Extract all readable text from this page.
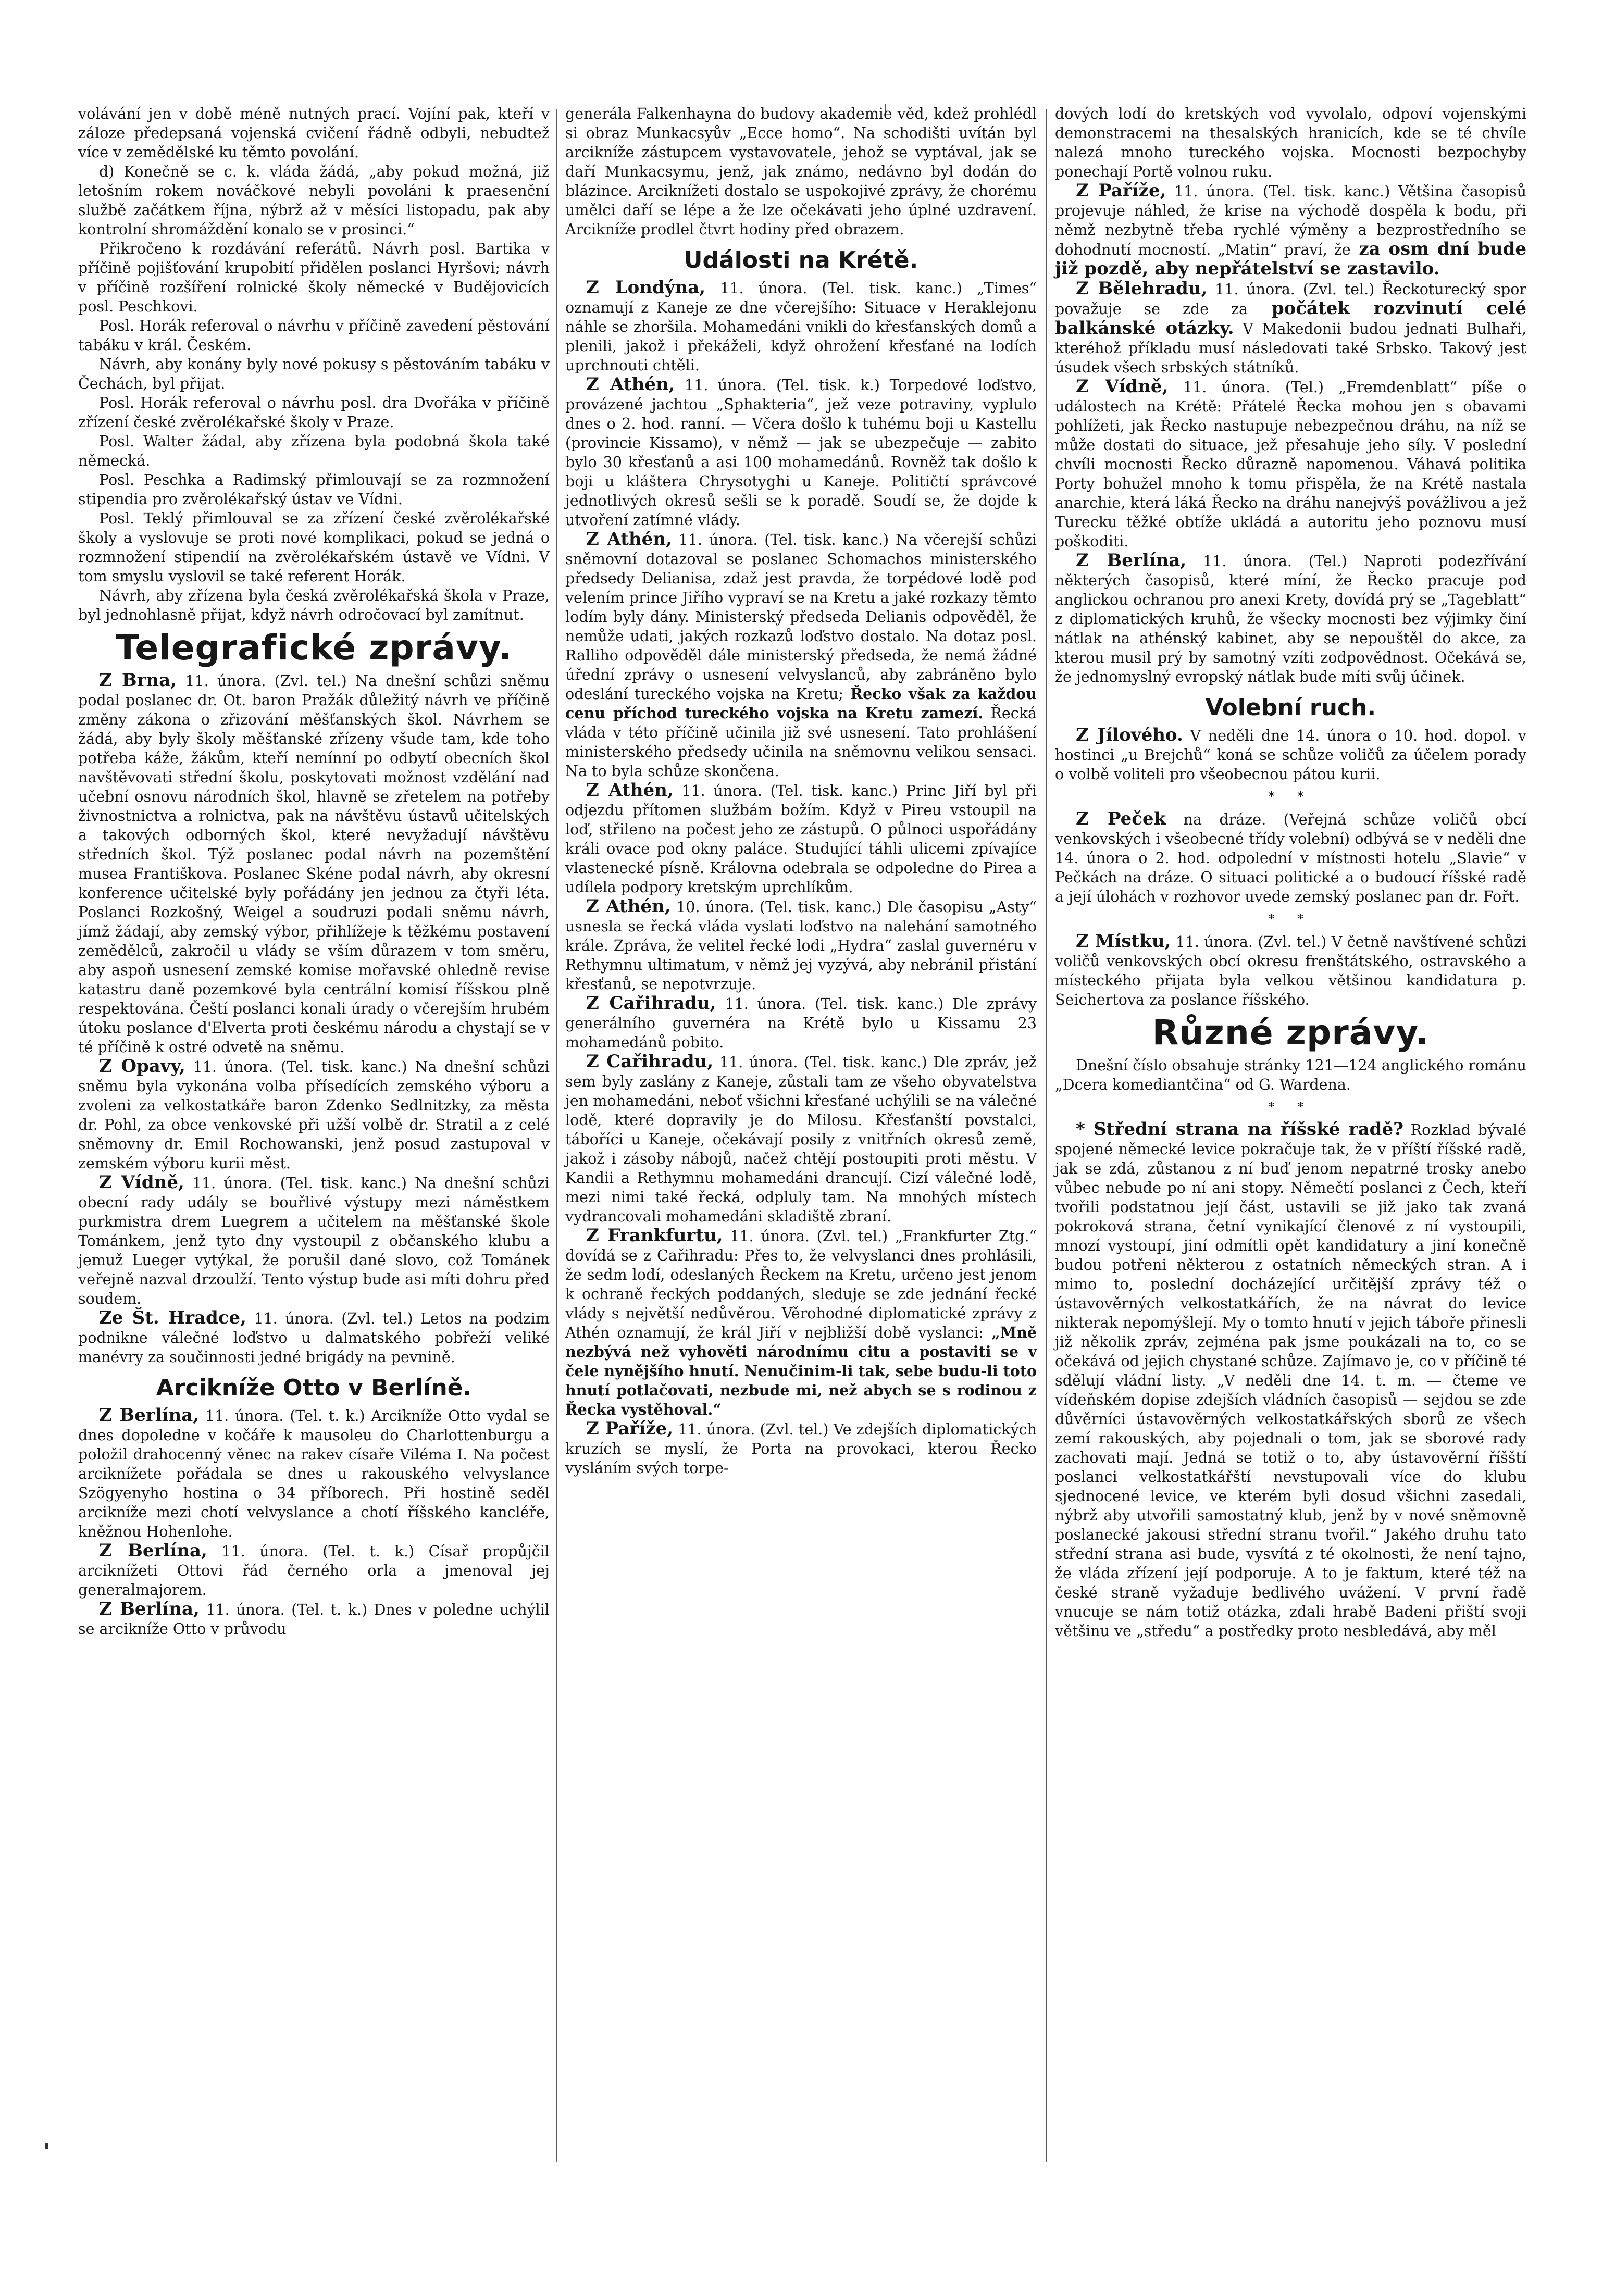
volávání jen v době méně nutných prací. Vojíní pak, kteří v záloze předepsaná vojenská cvičení řádně odbyli, nebudtež více v zemědělské ku těmto povolání.

d) Konečně se c. k. vláda žádá, „aby pokud možná, již letošním rokem nováčkové nebyli povoláni k praesenční službě začátkem října, nýbrž až v měsíci listopadu, pak aby kontrolní shromáždění konalo se v prosinci.“

Přikročeno k rozdávání referátů. Návrh posl. Bartika v příčině pojišťování krupobití přidělen poslanci Hyršovi; návrh v příčině rozšíření rolnické školy německé v Budějovicích posl. Peschkovi.

Posl. Horák referoval o návrhu v příčině zavedení pěstování tabáku v král. Českém.

Návrh, aby konány byly nové pokusy s pěstováním tabáku v Čechách, byl přijat.

Posl. Horák referoval o návrhu posl. dra Dvořáka v příčině zřízení české zvěrolékařské školy v Praze.

Posl. Walter žádal, aby zřízena byla podobná škola také německá.

Posl. Peschka a Radimský přimlouvají se za rozmnožení stipendia pro zvěrolékařský ústav ve Vídni.

Posl. Teklý přimlouval se za zřízení české zvěrolékařské školy a vyslovuje se proti nové komplikaci, pokud se jedná o rozmnožení stipendií na zvěrolékařském ústavě ve Vídni. V tom smyslu vyslovil se také referent Horák.

Návrh, aby zřízena byla česká zvěrolékařská škola v Praze, byl jednohlasně přijat, když návrh odročovací byl zamítnut.

Telegrafické zprávy.

Z Brna, 11. února. (Zvl. tel.) Na dnešní schůzi sněmu podal poslanec dr. Ot. baron Pražák důležitý návrh ve příčině změny zákona o zřizování měšťanských škol. Návrhem se žádá, aby byly školy měšťanské zřízeny všude tam, kde toho potřeba káže, žákům, kteří nemínní po odbytí obecních škol navštěvovati střední školu, poskytovati možnost vzdělání nad učební osnovu národních škol, hlavně se zřetelem na potřeby živnostnictva a rolnictva, pak na návštěvu ústavů učitelských a takových odborných škol, které nevyžadují návštěvu středních škol. Týž poslanec podal návrh na pozemštění musea Františkova. Poslanec Skéne podal návrh, aby okresní konference učitelské byly pořádány jen jednou za čtyři léta. Poslanci Rozkošný, Weigel a soudruzi podali sněmu návrh, jímž žádají, aby zemský výbor, přihlížeje k těžkému postavení zemědělců, zakročil u vlády se vším důrazem v tom směru, aby aspoň usnesení zemské komise mořavské ohledně revise katastru daně pozemkové byla centrální komisí říšskou plně respektována. Čeští poslanci konali úrady o včerejším hrubém útoku poslance d'Elverta proti českému národu a chystají se v té příčině k ostré odvetě na sněmu.

Z Opavy, 11. února. (Tel. tisk. kanc.) Na dnešní schůzi sněmu byla vykonána volba přísedících zemského výboru a zvoleni za velkostatkáře baron Zdenko Sedlnitzky, za města dr. Pohl, za obce venkovské při užší volbě dr. Stratil a z celé sněmovny dr. Emil Rochowanski, jenž posud zastupoval v zemském výboru kurii měst.

Z Vídně, 11. února. (Tel. tisk. kanc.) Na dnešní schůzi obecní rady udály se bouřlivé výstupy mezi náměstkem purkmistra drem Luegrem a učitelem na měšťanské škole Tománkem, jenž tyto dny vystoupil z občanského klubu a jemuž Lueger vytýkal, že porušil dané slovo, což Tománek veřejně nazval drzoulží. Tento výstup bude asi míti dohru před soudem.

Ze Št. Hradce, 11. února. (Zvl. tel.) Letos na podzim podnikne válečné loďstvo u dalmatského pobřeží veliké manévry za součinnosti jedné brigády na pevnině.

Arcikníže Otto v Berlíně.

Z Berlína, 11. února. (Tel. t. k.) Arcikníže Otto vydal se dnes dopoledne v kočáře k mausoleu do Charlottenburgu a položil drahocenný věnec na rakev císaře Viléma I. Na počest arciknížete pořádala se dnes u rakouského velvyslance Szögyenyho hostina o 34 příborech. Při hostině seděl arcikníže mezi chotí velvyslance a chotí říšského kancléře, kněžnou Hohenlohe.

Z Berlína, 11. února. (Tel. t. k.) Císař propůjčil arciknížeti Ottovi řád černého orla a jmenoval jej generalmajorem.

Z Berlína, 11. února. (Tel. t. k.) Dnes v poledne uchýlil se arcikníže Otto v průvodu

generála Falkenhayna do budovy akademie věd, kdež prohlédl si obraz Munkacsyův „Ecce homo“. Na schodišti uvítán byl arcikníže zástupcem vystavovatele, jehož se vyptával, jak se daří Munkacsymu, jenž, jak známo, nedávno byl dodán do blázince. Arciknížeti dostalo se uspokojivé zprávy, že chorému umělci daří se lépe a že lze očekávati jeho úplné uzdravení. Arcikníže prodlel čtvrt hodiny před obrazem.

Události na Krétě.

Z Londýna, 11. února. (Tel. tisk. kanc.) „Times“ oznamují z Kaneje ze dne včerejšího: Situace v Heraklejonu náhle se zhoršila. Mohamedáni vnikli do křesťanských domů a plenili, jakož i překáželi, když ohrožení křesťané na lodích uprchnouti chtěli.

Z Athén, 11. února. (Tel. tisk. k.) Torpedové loďstvo, provázené jachtou „Sphakteria“, jež veze potraviny, vyplulo dnes o 2. hod. ranní. — Včera došlo k tuhému boji u Kastellu (provincie Kissamo), v němž — jak se ubezpečuje — zabito bylo 30 křesťanů a asi 100 mohamedánů. Rovněž tak došlo k boji u kláštera Chrysotyghi u Kaneje. Političtí správcové jednotlivých okresů sešli se k poradě. Soudí se, že dojde k utvoření zatímné vlády.

Z Athén, 11. února. (Tel. tisk. kanc.) Na včerejší schůzi sněmovní dotazoval se poslanec Schomachos ministerského předsedy Delianisa, zdaž jest pravda, že torpédové lodě pod velením prince Jiřího vypraví se na Kretu a jaké rozkazy těmto lodím byly dány. Ministerský předseda Delianis odpověděl, že nemůže udati, jakých rozkazů loďstvo dostalo. Na dotaz posl. Ralliho odpověděl dále ministerský předseda, že nemá žádné úřední zprávy o usnesení velvyslanců, aby zabráněno bylo odeslání tureckého vojska na Kretu; Řecko však za každou cenu příchod tureckého vojska na Kretu zamezí. Řecká vláda v této příčině učinila již své usnesení. Tato prohlášení ministerského předsedy učinila na sněmovnu velikou sensaci. Na to byla schůze skončena.

Z Athén, 11. února. (Tel. tisk. kanc.) Princ Jiří byl při odjezdu přítomen službám božím. Když v Pireu vstoupil na loď, střileno na počest jeho ze zástupů. O půlnoci uspořádány králi ovace pod okny paláce. Studující táhli ulicemi zpívajíce vlastenecké písně. Královna odebrala se odpoledne do Pirea a udílela podpory kretským uprchlíkům.

Z Athén, 10. února. (Tel. tisk. kanc.) Dle časopisu „Asty“ usnesla se řecká vláda vyslati loďstvo na nalehání samotného krále. Zpráva, že velitel řecké lodi „Hydra“ zaslal guvernéru v Rethymnu ultimatum, v němž jej vyzývá, aby nebránil přistání křesťanů, se nepotvrzuje.

Z Cařihradu, 11. února. (Tel. tisk. kanc.) Dle zprávy generálního guvernéra na Krétě bylo u Kissamu 23 mohamedánů pobito.

Z Cařihradu, 11. února. (Tel. tisk. kanc.) Dle zpráv, jež sem byly zaslány z Kaneje, zůstali tam ze všeho obyvatelstva jen mohamedáni, neboť všichni křesťané uchýlili se na válečné lodě, které dopravily je do Milosu. Křesťanští povstalci, táboříci u Kaneje, očekávají posily z vnitřních okresů země, jakož i zásoby nábojů, načež chtějí postoupiti proti městu. V Kandii a Rethymnu mohamedáni drancují. Cizí válečné lodě, mezi nimi také řecká, odpluly tam. Na mnohých místech vydrancovali mohamedáni skladiště zbraní.

Z Frankfurtu, 11. února. (Zvl. tel.) „Frankfurter Ztg.“ dovídá se z Cařihradu: Přes to, že velvyslanci dnes prohlásili, že sedm lodí, odeslaných Řeckem na Kretu, určeno jest jenom k ochraně řeckých poddaných, sleduje se zde jednání řecké vlády s největší nedůvěrou. Věrohodné diplomatické zprávy z Athén oznamují, že král Jiří v nejbližší době vyslanci: „Mně nezbývá než vyhověti národnímu citu a postaviti se v čele nynějšího hnutí. Nenučinim-li tak, sebe budu-li toto hnutí potlačovati, nezbude mi, než abych se s rodinou z Řecka vystěhoval.“

Z Paříže, 11. února. (Zvl. tel.) Ve zdejších diplomatických kruzích se myslí, že Porta na provokaci, kterou Řecko vysláním svých torpe-

dových lodí do kretských vod vyvolalo, odpoví vojenskými demonstracemi na thesalských hranicích, kde se té chvíle nalezá mnoho tureckého vojska. Mocnosti bezpochyby ponechají Portě volnou ruku.

Z Paříže, 11. února. (Tel. tisk. kanc.) Většina časopisů projevuje náhled, že krise na východě dospěla k bodu, při němž nezbytně třeba rychlé výměny a bezprostředního se dohodnutí mocností. „Matin“ praví, že za osm dní bude již pozdě, aby nepřátelství se zastavilo.

Z Bělehradu, 11. února. (Zvl. tel.) Řeckoturecký spor považuje se zde za počátek rozvinutí celé balkánské otázky. V Makedonii budou jednati Bulhaři, kteréhož příkladu musí následovati také Srbsko. Takový jest úsudek všech srbských státníků.

Z Vídně, 11. února. (Tel.) „Fremdenblatt“ píše o událostech na Krétě: Přátelé Řecka mohou jen s obavami pohlížeti, jak Řecko nastupuje nebezpečnou dráhu, na níž se může dostati do situace, jež přesahuje jeho síly. V poslední chvíli mocnosti Řecko důrazně napomenou. Váhavá politika Porty bohužel mnoho k tomu přispěla, že na Krétě nastala anarchie, která láká Řecko na dráhu nanejvýš povážlivou a jež Turecku těžké obtíže ukládá a autoritu jeho poznovu musí poškoditi.

Z Berlína, 11. února. (Tel.) Naproti podezřívání některých časopisů, které míní, že Řecko pracuje pod anglickou ochranou pro anexi Krety, dovídá prý se „Tageblatt“ z diplomatických kruhů, že všecky mocnosti bez výjimky činí nátlak na athénský kabinet, aby se nepouštěl do akce, za kterou musil prý by samotný vzíti zodpovědnost. Očekává se, že jednomyslný evropský nátlak bude míti svůj účinek.

Volební ruch.

Z Jílového. V neděli dne 14. února o 10. hod. dopol. v hostinci „u Brejchů“ koná se schůze voličů za účelem porady o volbě voliteli pro všeobecnou pátou kurii.

* *

Z Peček na dráze. (Veřejná schůze voličů obcí venkovských i všeobecné třídy volební) odbývá se v neděli dne 14. února o 2. hod. odpolední v místnosti hotelu „Slavie“ v Pečkách na dráze. O situaci politické a o budoucí říšské radě a její úlohách v rozhovor uvede zemský poslanec pan dr. Fořt.

* *

Z Místku, 11. února. (Zvl. tel.) V četně navštívené schůzi voličů venkovských obcí okresu frenštátského, ostravského a místeckého přijata byla velkou většinou kandidatura p. Seichertova za poslance říšského.

Různé zprávy.

Dnešní číslo obsahuje stránky 121—124 anglického románu „Dcera komediantčina“ od G. Wardena.

* *

* Střední strana na říšské radě? Rozklad bývalé spojené německé levice pokračuje tak, že v příští říšské radě, jak se zdá, zůstanou z ní buď jenom nepatrné trosky anebo vůbec nebude po ní ani stopy. Němečtí poslanci z Čech, kteří tvořili podstatnou její část, ustavili se již jako tak zvaná pokroková strana, četní vynikající členové z ní vystoupili, mnozí vystoupí, jiní odmítli opět kandidatury a jiní konečně budou potřeni některou z ostatních německých stran. A i mimo to, poslední docházející určitější zprávy též o ústavověrných velkostatkářích, že na návrat do levice nikterak nepomýšlejí. My o tomto hnutí v jejich táboře přinesli již několik zpráv, zejména pak jsme poukázali na to, co se očekává od jejich chystané schůze. Zajímavo je, co v příčině té sdělují vládní listy. „V neděli dne 14. t. m. — čteme ve vídeňském dopise zdejších vládních časopisů — sejdou se zde důvěrníci ústavověrných velkostatkářských sborů ze všech zemí rakouských, aby pojednali o tom, jak se sborové rady zachovati mají. Jedná se totiž o to, aby ústavověrní říšští poslanci velkostatkářští nevstupovali více do klubu sjednocené levice, ve kterém byli dosud všichni zasedali, nýbrž aby utvořili samostatný klub, jenž by v nové sněmovně poslanecké jakousi střední stranu tvořil.“ Jakého druhu tato střední strana asi bude, vysvítá z té okolnosti, že není tajno, že vláda zřízení její podporuje. A to je faktum, které též na české straně vyžaduje bedlivého uvážení. V první řadě vnucuje se nám totiž otázka, zdali hrabě Badeni přiští svoji většinu ve „středu“ a postředky proto nesbledává, aby měl
